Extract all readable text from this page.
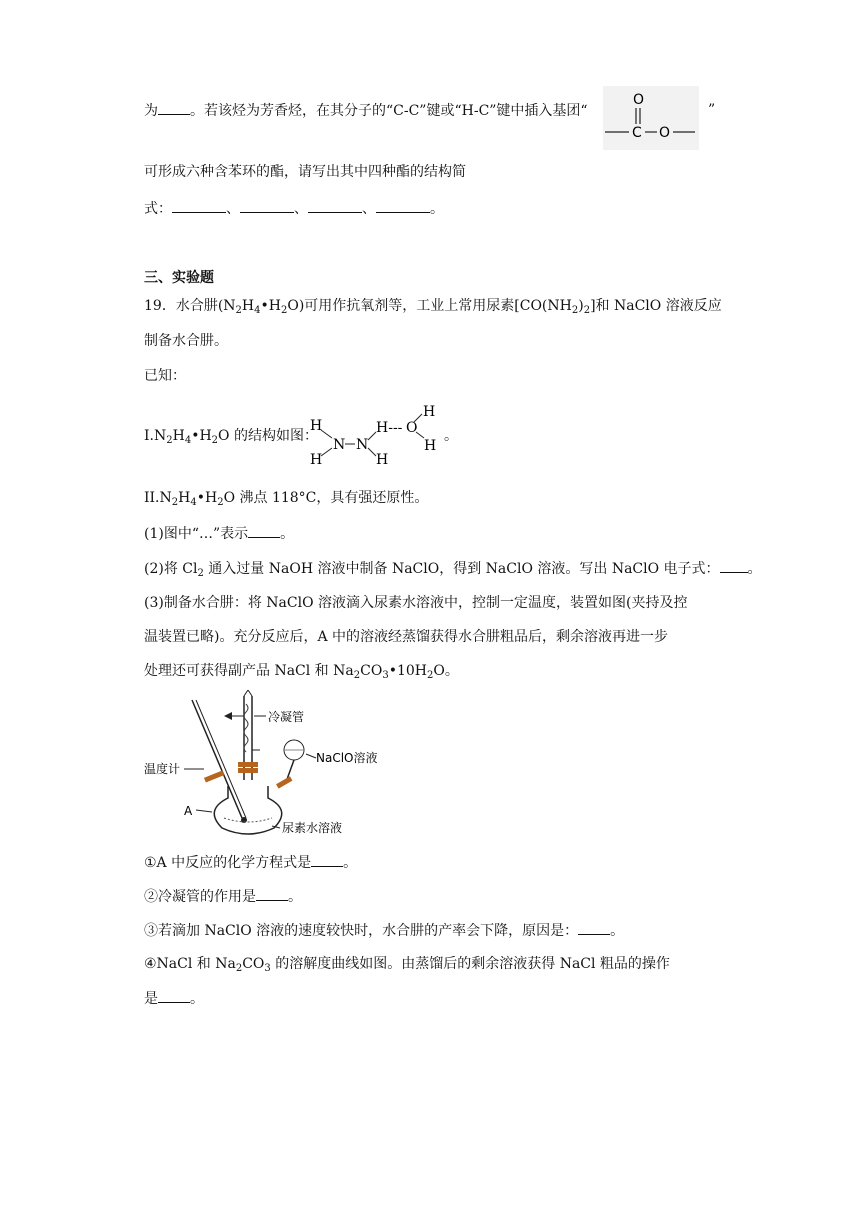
为 。若该烃为芳香烃，在其分子的“C-C”键或“H-C”键中插入基团“
O
C O
”
可形成六种含苯环的酯，请写出其中四种酯的结构简
式：	、	、	、	。
三、实验题
19．水合肼$(N_2H_4•H_2O)$可用作抗氧剂等，工业上常用尿素$[CO(NH_2)_2]$和 NaClO 溶液反应
制备水合肼。
已知：
$I.N_2H_4•H_2O$ 的结构如图：
H
H
N N
H
H--- O
H
H
。
$II.N_2H_4•H_2O$ 沸点 118°C，具有强还原性。
(1)图中“…”表示 。
(2)将 $Cl_2$ 通入过量 NaOH 溶液中制备 NaClO，得到 NaClO 溶液。写出 NaClO 电子式： 。
(3)制备水合肼：将 NaClO 溶液滴入尿素水溶液中，控制一定温度，装置如图(夹持及控
温装置已略)。充分反应后，A 中的溶液经蒸馏获得水合肼粗品后，剩余溶液再进一步
处理还可获得副产品 NaCl 和 $Na_2CO_3•10H_2O$。
冷凝管
NaClO溶液
温度计
A
尿素水溶液
①A 中反应的化学方程式是 。
②冷凝管的作用是 。
③若滴加 NaClO 溶液的速度较快时，水合肼的产率会下降，原因是： 。
④NaCl 和 $Na_2CO_3$ 的溶解度曲线如图。由蒸馏后的剩余溶液获得 NaCl 粗品的操作
是 。
